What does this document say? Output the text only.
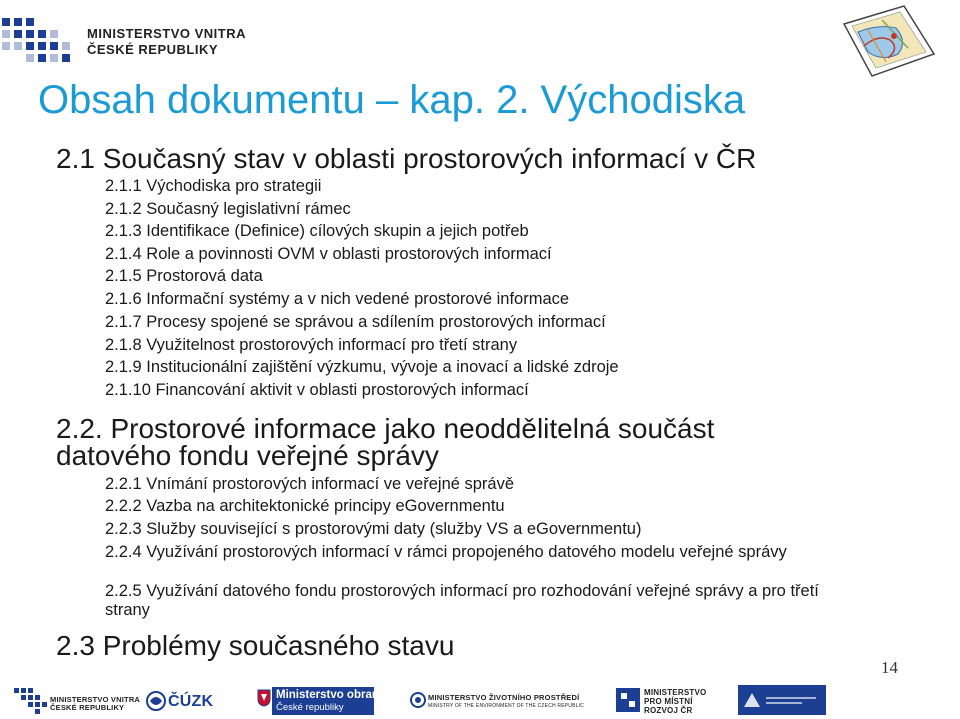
MINISTERSTVO VNITRA
ČESKÉ REPUBLIKY
Obsah dokumentu – kap. 2. Východiska
2.1 Současný stav v oblasti prostorových informací v ČR
2.1.1 Východiska pro strategii
2.1.2 Současný legislativní rámec
2.1.3 Identifikace (Definice) cílových skupin a jejich potřeb
2.1.4 Role a povinnosti OVM v oblasti prostorových informací
2.1.5 Prostorová data
2.1.6 Informační systémy a v nich vedené prostorové informace
2.1.7 Procesy spojené se správou a sdílením prostorových informací
2.1.8 Využitelnost prostorových informací pro třetí strany
2.1.9 Institucionální zajištění výzkumu, vývoje a inovací a lidské zdroje
2.1.10 Financování aktivit v oblasti prostorových informací
2.2. Prostorové informace jako neoddělitelná součást
datového fondu veřejné správy
2.2.1 Vnímání prostorových informací ve veřejné správě
2.2.2 Vazba na architektonické principy eGovernmentu
2.2.3 Služby související s prostorovými daty (služby VS a eGovernmentu)
2.2.4 Využívání prostorových informací v rámci propojeného datového modelu veřejné správy
2.2.5 Využívání datového fondu prostorových informací pro rozhodování veřejné správy a pro třetí strany
2.3 Problémy současného stavu
14
MINISTERSTVO VNITRA
ČESKÉ REPUBLIKY	ČÚZK	Ministerstvo obrany
České republiky
MINISTERSTVO ŽIVOTNÍHO PROSTŘEDÍ
MINISTRY OF THE ENVIRONMENT OF THE CZECH REPUBLIC
MINISTERSTVO
PRO MÍSTNÍ
ROZVOJ ČR
